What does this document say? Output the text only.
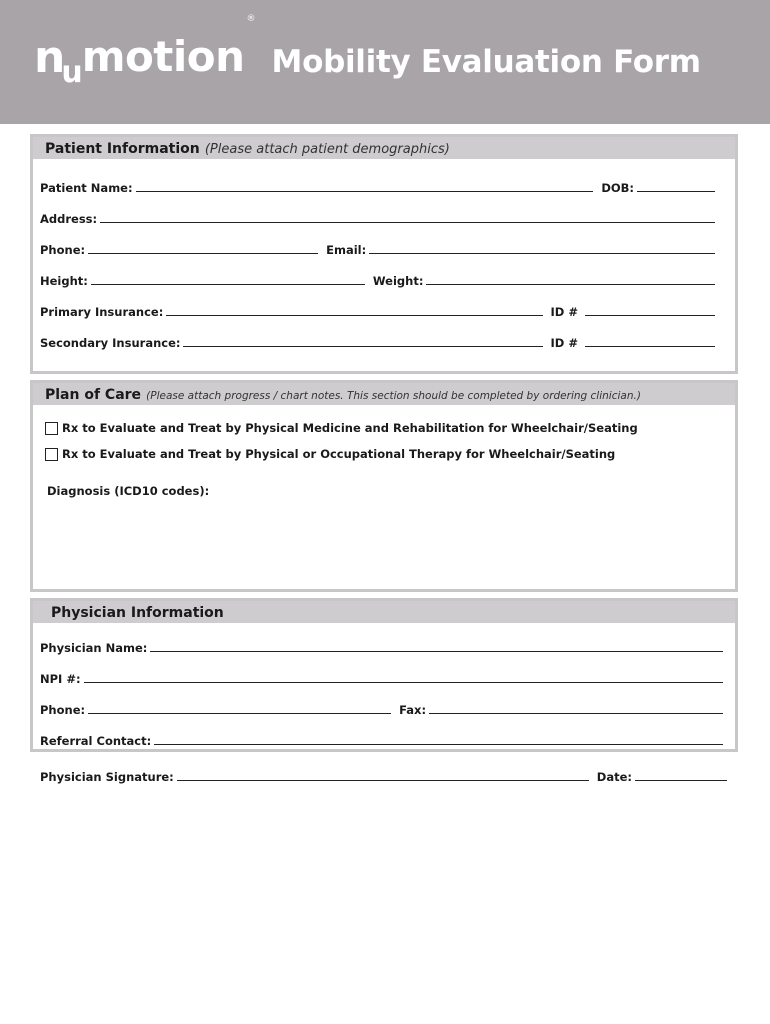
n
u motion
®
Mobility Evaluation Form
Patient Information (Please attach patient demographics)
Patient Name:	DOB:
Address:
Phone:	Email:
Height:	Weight:
Primary Insurance:	ID #
Secondary Insurance:	ID #
Plan of Care (Please attach progress / chart notes. This section should be completed by ordering clinician.)
Rx to Evaluate and Treat by Physical Medicine and Rehabilitation for Wheelchair/Seating
Rx to Evaluate and Treat by Physical or Occupational Therapy for Wheelchair/Seating
Diagnosis (ICD10 codes):
Physician Information
Physician Name:
NPI #:
Phone:	Fax:
Referral Contact:
Physician Signature:	Date:
